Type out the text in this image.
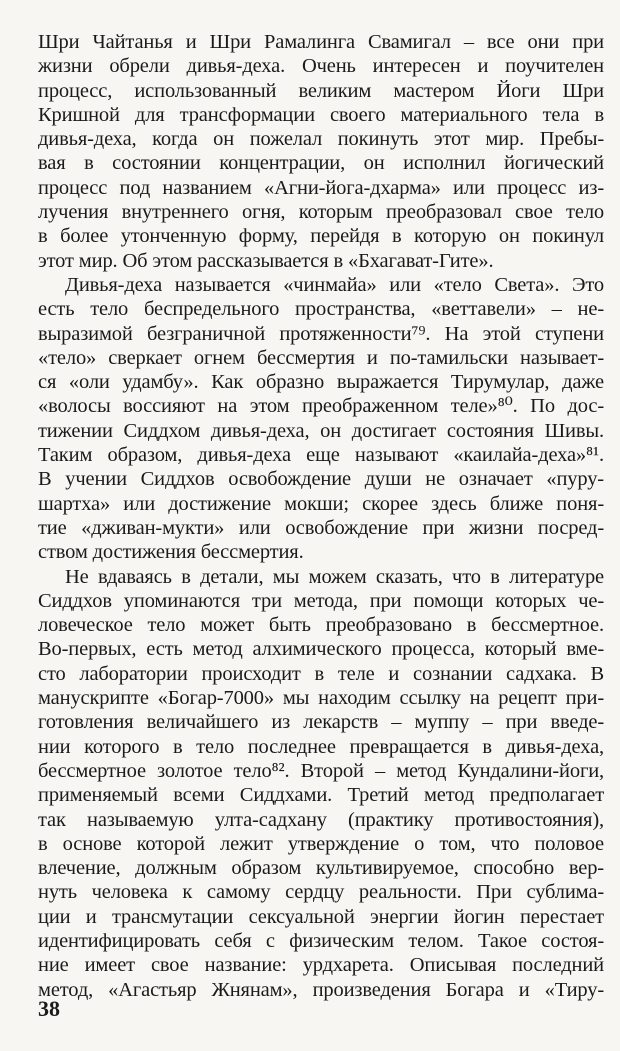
Шри Чайтанья и Шри Рамалинга Свамигал – все они при
жизни обрели дивья-деха. Очень интересен и поучителен
процесс, использованный великим мастером Йоги Шри
Кришной для трансформации своего материального тела в
дивья-деха, когда он пожелал покинуть этот мир. Пребы-
вая в состоянии концентрации, он исполнил йогический
процесс под названием «Агни-йога-дхарма» или процесс из-
лучения внутреннего огня, которым преобразовал свое тело
в более утонченную форму, перейдя в которую он покинул
этот мир. Об этом рассказывается в «Бхагават-Гите».
Дивья-деха называется «чинмайа» или «тело Света». Это
есть тело беспредельного пространства, «веттавели» – не-
выразимой безграничной протяженности⁷⁹. На этой ступени
«тело» сверкает огнем бессмертия и по-тамильски называет-
ся «оли удамбу». Как образно выражается Тирумулар, даже
«волосы воссияют на этом преображенном теле»⁸⁰. По дос-
тижении Сиддхом дивья-деха, он достигает состояния Шивы.
Таким образом, дивья-деха еще называют «каилайа-деха»⁸¹.
В учении Сиддхов освобождение души не означает «пуру-
шартха» или достижение мокши; скорее здесь ближе поня-
тие «дживан-мукти» или освобождение при жизни посред-
ством достижения бессмертия.
Не вдаваясь в детали, мы можем сказать, что в литературе
Сиддхов упоминаются три метода, при помощи которых че-
ловеческое тело может быть преобразовано в бессмертное.
Во-первых, есть метод алхимического процесса, который вме-
сто лаборатории происходит в теле и сознании садхака. В
манускрипте «Богар-7000» мы находим ссылку на рецепт при-
готовления величайшего из лекарств – муппу – при введе-
нии которого в тело последнее превращается в дивья-деха,
бессмертное золотое тело⁸². Второй – метод Кундалини-йоги,
применяемый всеми Сиддхами. Третий метод предполагает
так называемую улта-садхану (практику противостояния),
в основе которой лежит утверждение о том, что половое
влечение, должным образом культивируемое, способно вер-
нуть человека к самому сердцу реальности. При сублима-
ции и трансмутации сексуальной энергии йогин перестает
идентифицировать себя с физическим телом. Такое состоя-
ние имеет свое название: урдхарета. Описывая последний
метод, «Агастьяр Жнянам», произведения Богара и «Тиру-
38
